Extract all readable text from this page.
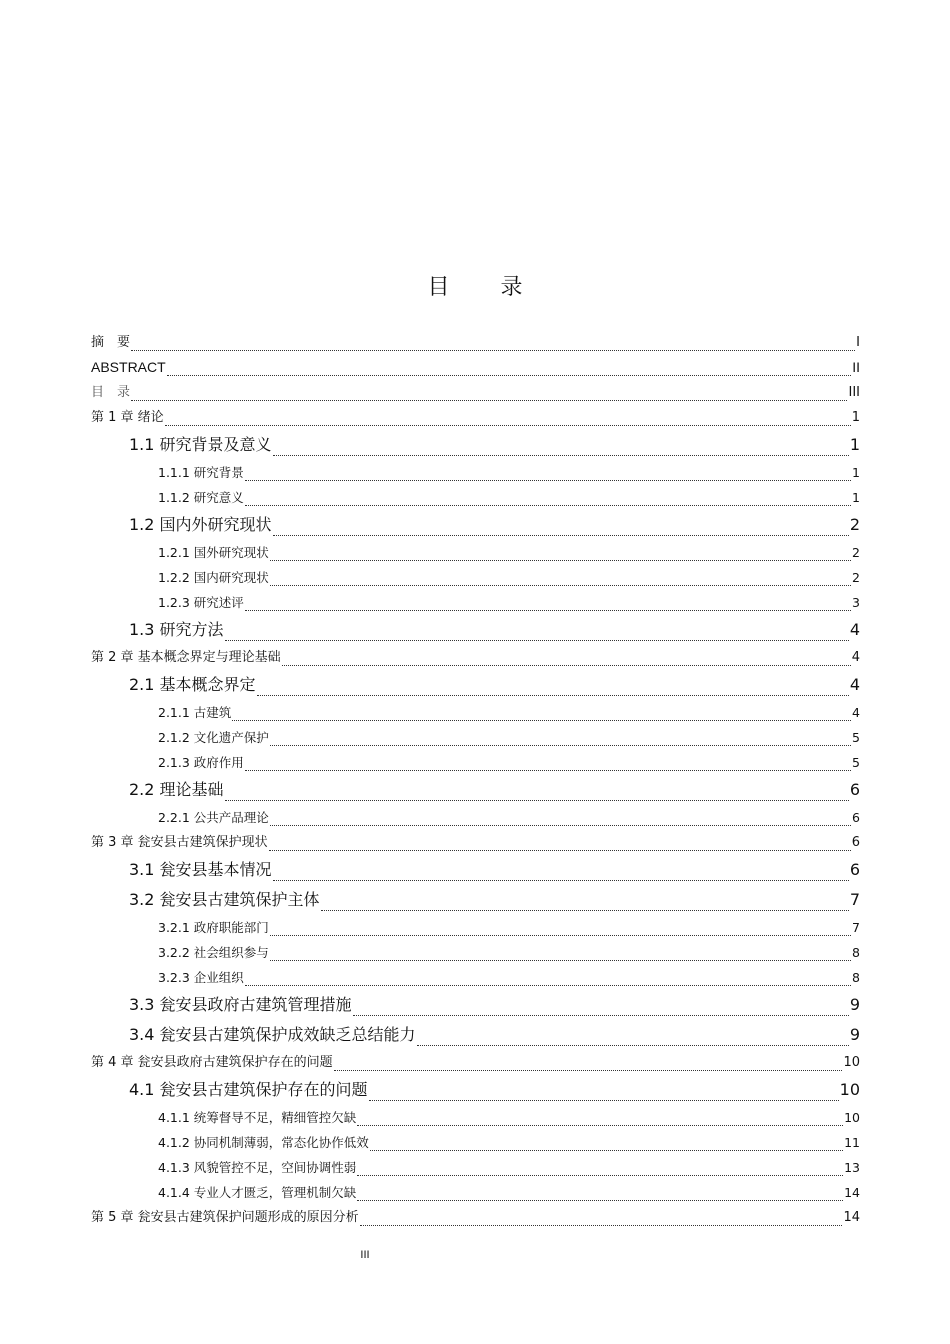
目 录
摘　要	I
ABSTRACT	II
目　录	III
第 1 章 绪论	1
1.1 研究背景及意义	1
1.1.1 研究背景	1
1.1.2 研究意义	1
1.2 国内外研究现状	2
1.2.1 国外研究现状	2
1.2.2 国内研究现状	2
1.2.3 研究述评	3
1.3 研究方法	4
第 2 章 基本概念界定与理论基础	4
2.1 基本概念界定	4
2.1.1 古建筑	4
2.1.2 文化遗产保护	5
2.1.3 政府作用	5
2.2 理论基础	6
2.2.1 公共产品理论	6
第 3 章 瓮安县古建筑保护现状	6
3.1 瓮安县基本情况	6
3.2 瓮安县古建筑保护主体	7
3.2.1 政府职能部门	7
3.2.2 社会组织参与	8
3.2.3 企业组织	8
3.3 瓮安县政府古建筑管理措施	9
3.4 瓮安县古建筑保护成效缺乏总结能力	9
第 4 章 瓮安县政府古建筑保护存在的问题	10
4.1 瓮安县古建筑保护存在的问题	10
4.1.1 统筹督导不足，精细管控欠缺	10
4.1.2 协同机制薄弱，常态化协作低效	11
4.1.3 风貌管控不足，空间协调性弱	13
4.1.4 专业人才匮乏，管理机制欠缺	14
第 5 章 瓮安县古建筑保护问题形成的原因分析	14
III
